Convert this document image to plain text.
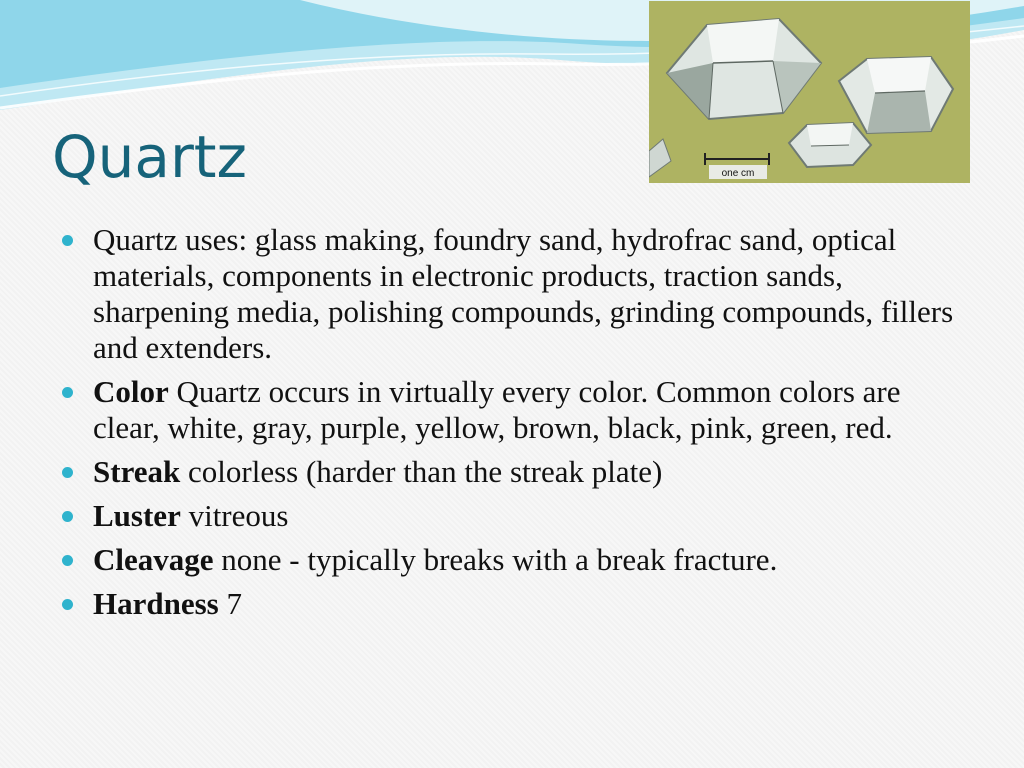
Quartz	one cm
Quartz uses: glass making, foundry sand, hydrofrac sand, optical materials, components in electronic products, traction sands, sharpening media, polishing compounds, grinding compounds, fillers and extenders.
Color Quartz occurs in virtually every color. Common colors are clear, white, gray, purple, yellow, brown, black, pink, green, red.
Streak colorless (harder than the streak plate)
Luster vitreous
Cleavage none - typically breaks with a break fracture.
Hardness 7
